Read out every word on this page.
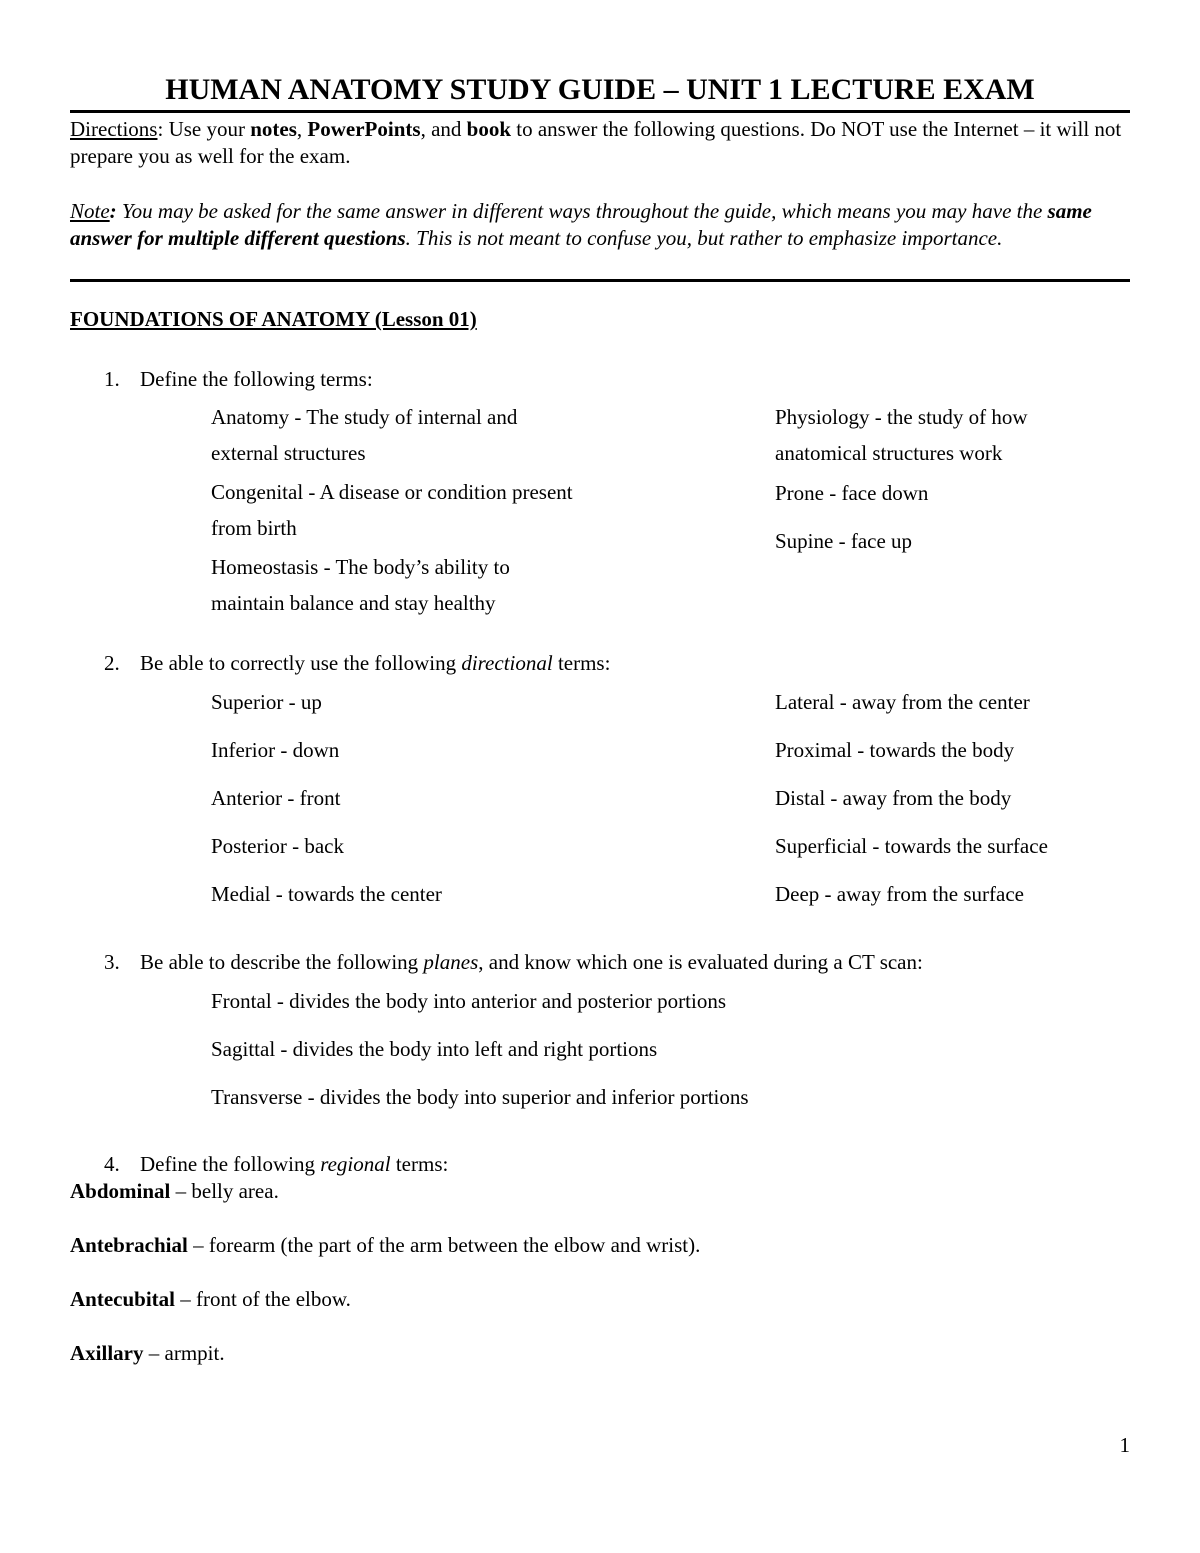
HUMAN ANATOMY STUDY GUIDE – UNIT 1 LECTURE EXAM

Directions: Use your notes, PowerPoints, and book to answer the following questions. Do NOT use the Internet – it will not prepare you as well for the exam.

Note: You may be asked for the same answer in different ways throughout the guide, which means you may have the same answer for multiple different questions. This is not meant to confuse you, but rather to emphasize importance.

FOUNDATIONS OF ANATOMY (Lesson 01)

1. Define the following terms:

Anatomy - The study of internal and external structures

Congenital - A disease or condition present from birth

Homeostasis - The body’s ability to maintain balance and stay healthy

Physiology - the study of how anatomical structures work

Prone - face down

Supine - face up

2. Be able to correctly use the following directional terms:

Superior - up

Inferior - down

Anterior - front

Posterior - back

Medial - towards the center

Lateral - away from the center

Proximal - towards the body

Distal - away from the body

Superficial - towards the surface

Deep - away from the surface

3. Be able to describe the following planes, and know which one is evaluated during a CT scan:

Frontal - divides the body into anterior and posterior portions

Sagittal - divides the body into left and right portions

Transverse - divides the body into superior and inferior portions

4. Define the following regional terms:

Abdominal – belly area.

Antebrachial – forearm (the part of the arm between the elbow and wrist).

Antecubital – front of the elbow.

Axillary – armpit.

1
